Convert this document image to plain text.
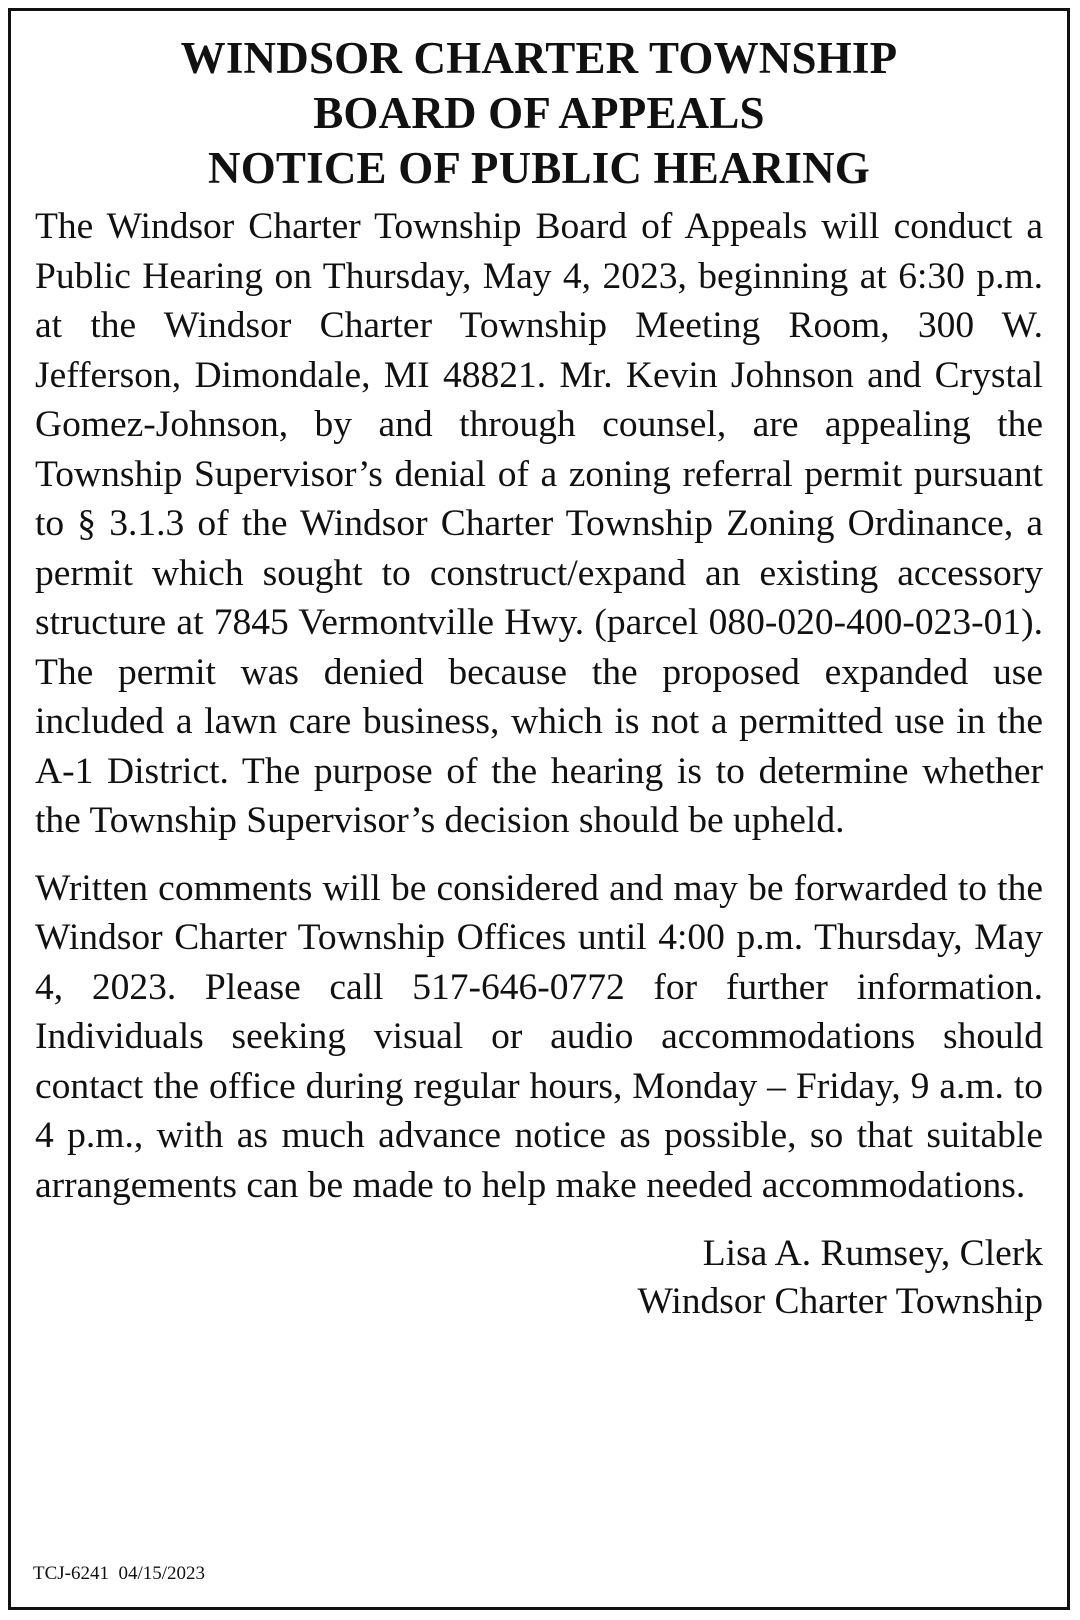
WINDSOR CHARTER TOWNSHIP
BOARD OF APPEALS
NOTICE OF PUBLIC HEARING

The Windsor Charter Township Board of Appeals will conduct a Public Hearing on Thursday, May 4, 2023, beginning at 6:30 p.m. at the Windsor Charter Township Meeting Room, 300 W. Jefferson, Dimondale, MI 48821. Mr. Kevin Johnson and Crystal Gomez-Johnson, by and through counsel, are appealing the Township Supervisor’s denial of a zoning referral permit pursuant to § 3.1.3 of the Windsor Charter Township Zoning Ordinance, a permit which sought to construct/expand an existing accessory structure at 7845 Vermontville Hwy. (parcel 080-020-400-023-01). The permit was denied because the proposed expanded use included a lawn care business, which is not a permitted use in the A-1 District. The purpose of the hearing is to determine whether the Township Supervisor’s decision should be upheld.

Written comments will be considered and may be forwarded to the Windsor Charter Township Offices until 4:00 p.m. Thursday, May 4, 2023. Please call 517-646-0772 for further information. Individuals seeking visual or audio accommodations should contact the office during regular hours, Monday – Friday, 9 a.m. to 4 p.m., with as much advance notice as possible, so that suitable arrangements can be made to help make needed accommodations.

Lisa A. Rumsey, Clerk
Windsor Charter Township
TCJ-6241  04/15/2023
